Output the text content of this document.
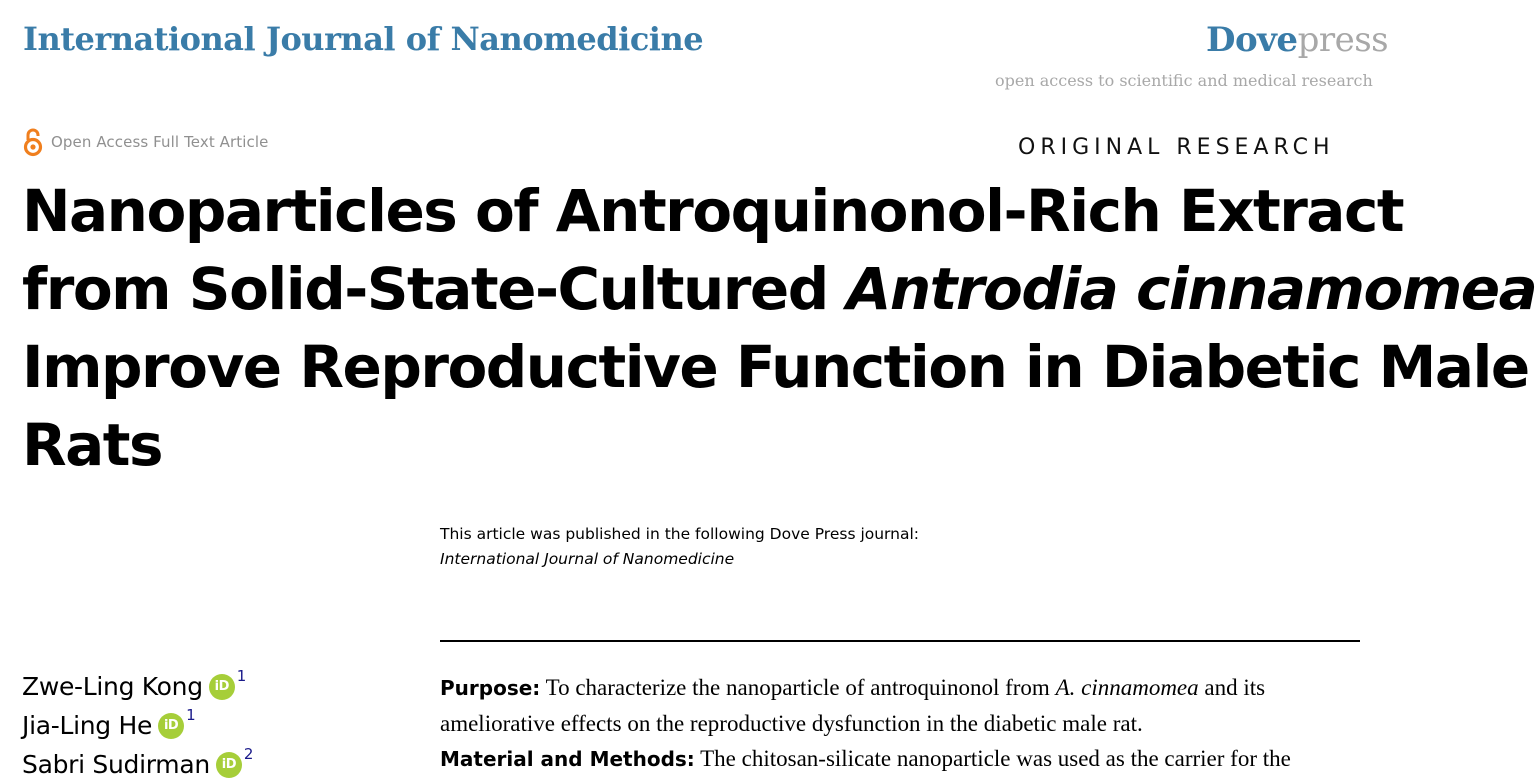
International Journal of Nanomedicine	Dovepress
open access to scientific and medical research
Open Access Full Text Article	ORIGINAL RESEARCH
Nanoparticles of Antroquinonol-Rich Extract
from Solid-State-Cultured Antrodia cinnamomea
Improve Reproductive Function in Diabetic Male
Rats
This article was published in the following Dove Press journal:
International Journal of Nanomedicine
Zwe-Ling Kong iD
$^1$
Jia-Ling He iD
$^1$
Sabri Sudirman iD
$^2$

Purpose: To characterize the nanoparticle of antroquinonol from A. cinnamomea and its

ameliorative effects on the reproductive dysfunction in the diabetic male rat.

Material and Methods: The chitosan-silicate nanoparticle was used as the carrier for the
